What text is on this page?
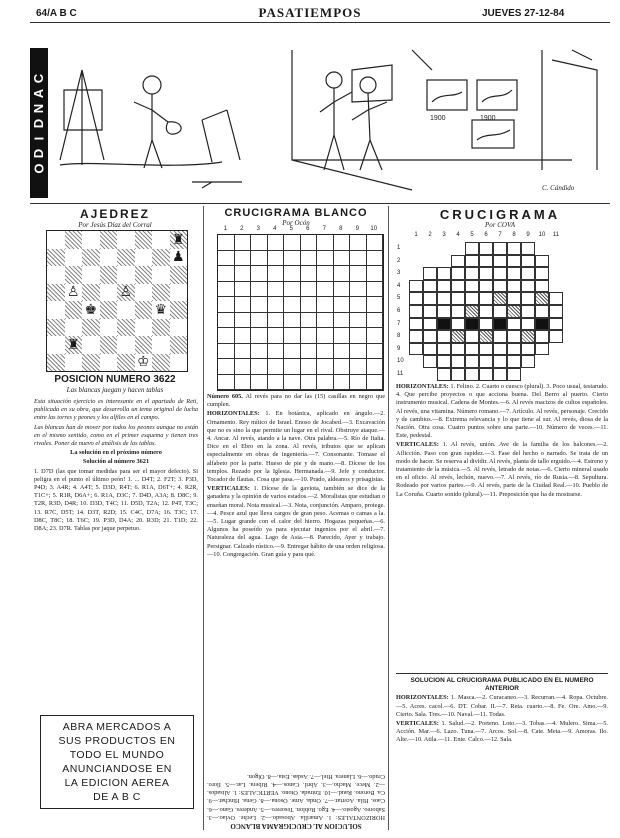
64/A B C	PASATIEMPOS	JUEVES 27-12-84
C
A
N
D
I
D
O
1900	1900
C. Cándido
AJEDREZ
Por Jesús Díaz del Corral
♜
♟
♙	♙
♚	♛
♜
♔
POSICION NUMERO 3622
Las blancas juegan y hacen tablas

Esta situación ejercicio es interesante en el apartado de Reti, publicada en su obra, que desarrolla un tema original de lucha entre las torres y peones y los alfiles en el campo.

Las blancas han de mover por todos los peones aunque no están en el mismo sentido, como en el primer esquema y tienen tres rivales. Poner de nuevo el análisis de las tablas.

La solución en el próximo número

Solución al número 3621

1. D7D (las que tomar medidas para ser el mayor defecto). Si peligra en el punto el último peón! 1. ... D4T; 2. F2T; 3. P3D, P4D; 3. A4R; 4. A4T; 5. D3D, R4T; 6. R1A, D6T+; 4. R2R, T1C+; 5. R1R, D6A+; 6. R1A, D3C; 7. D4D, A3A; 8. D8C; 9. T2R, R3D, D4R; 10. D3D, T4C; 11. D5D, T2A; 12. P4T, T3C; 13. R7C, D5T; 14. D3T, R2D; 15. C4C, D7A; 16. T3C; 17. D8C, T8C; 18. T6C; 19. P3D, D4A; 20. R3D; 21. T1D; 22. D8A; 23. D7R. Tablas por jaque perpetuo.

ABRA MERCADOS A
SUS PRODUCTOS EN
TODO EL MUNDO
ANUNCIANDOSE EN
LA EDICION AEREA
DE A B C
CRUCIGRAMA BLANCO
Por Ocón
1	2	3	4	5	6	7	8	9	10

Número 605. Al revés para no dar las (15) casillas en negro que cumplen.

HORIZONTALES: 1. En botánica, aplicado en ángulo.—2. Ornamento. Rey mítico de Israel. Enoso de Jocabed.—3. Excavación que no es sino la que permite un lugar en el rival. Obstruye ataque.—4. Ancar. Al revés, atando a la nave. Otra palabra.—5. Río de Italia. Dice en el Ebro en la zona. Al revés, tributos que se aplican especialmente en obras de ingeniería.—7. Consonante. Tomase el alfabeto por la parte. Hueso de pie y de mano.—8. Dícese de los templos. Rezado por la Iglesia. Hermanada.—9. Jefe y conductor. Tocador de flautas. Cosa que pasa.—10. Prado, aldeanos y prisagistas.

VERTICALES: 1. Dícese de la gaviota, también se dice de la ganadera y la opinión de varios estados.—2. Moralistas que estudian o enseñan moral. Nota musical.—3. Nota, conjunción. Amparo, protege.—4. Pesce azul que lleva cargos de gran peso. Acemas o camas a la.—5. Lugar grande con el calor del hierro. Hogazas pequeñas.—6. Algunos ha poseído ya para ejecutar ingenios por el abril.—7. Naturaleza del agua. Lago de Asia.—8. Parecido, Ayer y trabajo. Persignar. Calzado rústico.—9. Entregar hábito de una orden religiosa.—10. Congregación. Gran guía y para qué.

SOLUCION AL CRUCIGRAMA BLANCO

HORIZONTALES: 1. Amarilla. Abosado.—2. Leche. Ovlao.—3. Saboreo. Agosto.—4. Ego. Roblon. Tesorero.—5. Anderes. Gano.—6. Caos. Hila. Acertar.—7. Onda. Ame. Osona.—8. Gena. Hinchar.—9. Ca. Borono. Raud.—10. Entrada. Otono. VERTICALES: 1. Alisados.—2. Mece. Macho.—3. Abril. Canos.—4. Ribera. Lar.—5. Iloro. Crudo.—6. Llanera. Hiel.—7. Asdas. Esta.—8. Olgon.

CRUCIGRAMA
Por COVA
1	2	3	4	5	6	7	8	9	10	11
1
2
3
4
5
6
7
8
9
10
11

HORIZONTALES: 1. Felino. 2. Cuarto o cuesco (plural). 3. Poco usual, testarudo. 4. Que percibe proyectos o que acciona buena. Del Berro al puerto. Cierto instrumento musical. Cadena de Montes.—6. Al revés macizos de cultos españoles. Al revés, una vitamina. Número romano.—7. Artículo. Al revés, personaje. Crecido y de cambios.—8. Extrema relevancia y lo que tiene al sur. Al revés, diosa de la Nación. Otra cosa. Cuatro puntos sobre una parte.—10. Número de veces.—11. Este, pedestal.

VERTICALES: 1. Al revés, unión. Ave de la familia de los halcones.—2. Aflicción. Paso con gran rapidez.—3. Fase del hecho o narrado. Se trata de un modo de hacer. Se reserva al dividir. Al revés, planta de tallo erguido.—4. Estreno y tratamiento de la música.—5. Al revés, letrado de notas.—6. Cierto mineral usado en el oficio. Al revés, lechón, nuevo.—7. Al revés, río de Rusia.—8. Sepultura. Rodeado por varios partes.—9. Al revés, parte de la Ciudad Real.—10. Pueblo de La Coruña. Cuarto sonido (plural).—11. Preposición que ha de mostrarse.

SOLUCION AL CRUCIGRAMA PUBLICADO EN EL NUMERO ANTERIOR

HORIZONTALES: 1. Masca.—2. Curacaneo.—3. Recurran.—4. Ropa. Octubre.—5. Acres. cacol.—6. DT. Cobar. II.—7. Reta. cuarto.—8. Fe. Ore. Amo.—9. Cierto. Sala. Tres.—10. Naval.—11. Todas.

VERTICALES: 1. Salud.—2. Porteno. Loto.—3. Tobas.—4. Mulero. Sima.—5. Acción. Mar.—6. Lazo. Tuna.—7. Arcos. Sol.—8. Cate. Meta.—9. Amoras. Ilo. Alte.—10. Atila.—11. Ente. Calco.—12. Sala.
